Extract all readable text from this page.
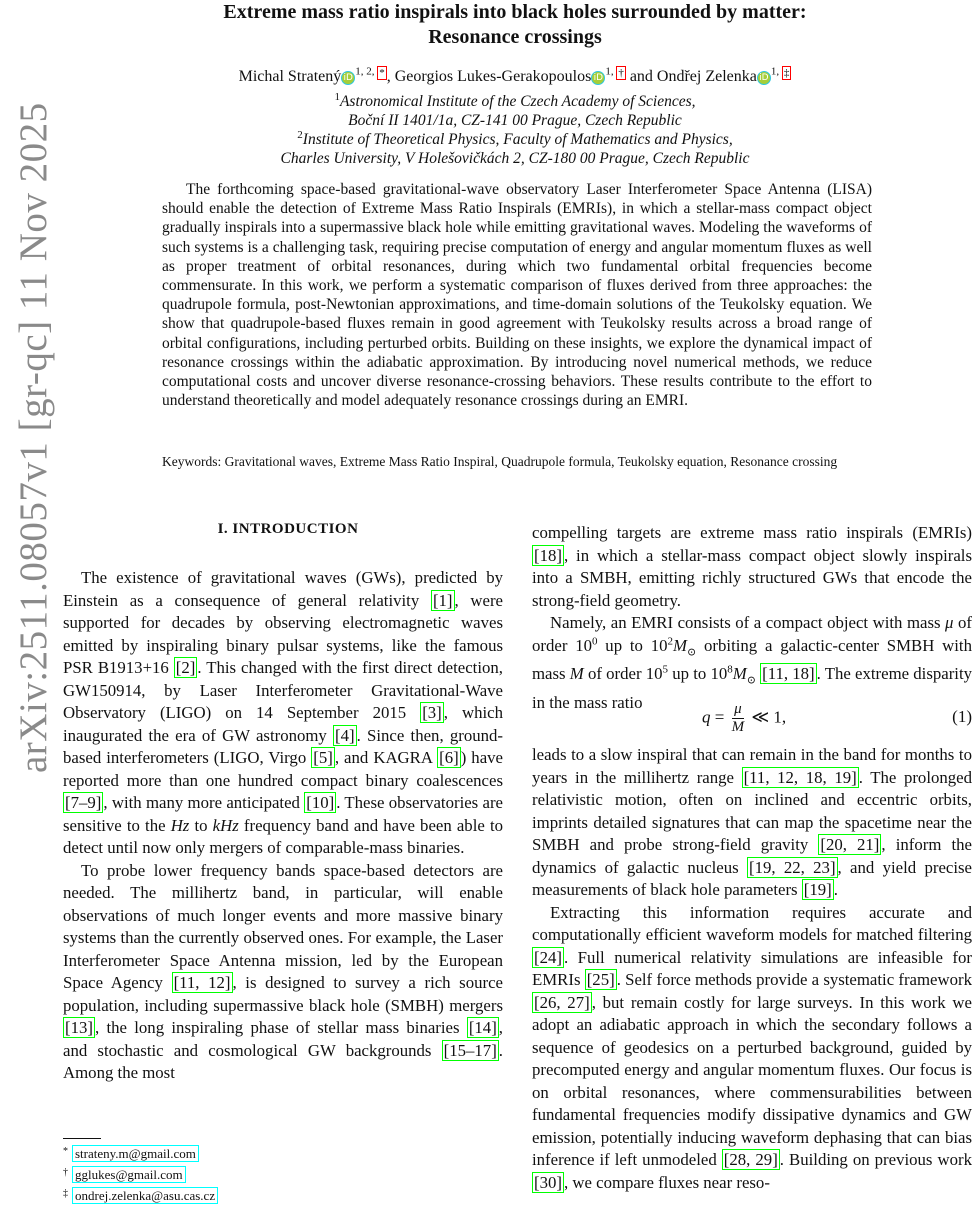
arXiv:2511.08057v1 [gr-qc] 11 Nov 2025
Extreme mass ratio inspirals into black holes surrounded by matter:
Resonance crossings
Michal Stratený $iD^{1, 2,}$ * , Georgios Lukes-Gerakopoulos $iD^{1,}$ † and Ondřej Zelenka $iD^{1,}$ ‡
$^1$Astronomical Institute of the Czech Academy of Sciences,
Boční II 1401/1a, CZ-141 00 Prague, Czech Republic
$^2$Institute of Theoretical Physics, Faculty of Mathematics and Physics,
Charles University, V Holešovičkách 2, CZ-180 00 Prague, Czech Republic
The forthcoming space-based gravitational-wave observatory Laser Interferometer Space Antenna (LISA) should enable the detection of Extreme Mass Ratio Inspirals (EMRIs), in which a stellar-mass compact object gradually inspirals into a supermassive black hole while emitting gravitational waves. Modeling the waveforms of such systems is a challenging task, requiring precise computation of energy and angular momentum fluxes as well as proper treatment of orbital resonances, during which two fundamental orbital frequencies become commensurate. In this work, we perform a systematic comparison of fluxes derived from three approaches: the quadrupole formula, post-Newtonian approximations, and time-domain solutions of the Teukolsky equation. We show that quadrupole-based fluxes remain in good agreement with Teukolsky results across a broad range of orbital configurations, including perturbed orbits. Building on these insights, we explore the dynamical impact of resonance crossings within the adiabatic approximation. By introducing novel numerical methods, we reduce computational costs and uncover diverse resonance-crossing behaviors. These results contribute to the effort to understand theoretically and model adequately resonance crossings during an EMRI.
Keywords: Gravitational waves, Extreme Mass Ratio Inspiral, Quadrupole formula, Teukolsky equation, Resonance crossing
I. INTRODUCTION

The existence of gravitational waves (GWs), predicted by Einstein as a consequence of general relativity [1] , were supported for decades by observing electromagnetic waves emitted by inspiraling binary pulsar systems, like the famous PSR B1913+16 [2] . This changed with the first direct detection, GW150914, by Laser Interferometer Gravitational-Wave Observatory (LIGO) on 14 September 2015 [3] , which inaugurated the era of GW astronomy [4] . Since then, ground-based interferometers (LIGO, Virgo [5] , and KAGRA [6] ) have reported more than one hundred compact binary coalescences [7–9] , with many more anticipated [10] . These observatories are sensitive to the Hz to kHz frequency band and have been able to detect until now only mergers of comparable-mass binaries.

To probe lower frequency bands space-based detectors are needed. The millihertz band, in particular, will enable observations of much longer events and more massive binary systems than the currently observed ones. For example, the Laser Interferometer Space Antenna mission, led by the European Space Agency [11, 12] , is designed to survey a rich source population, including supermassive black hole (SMBH) mergers [13] , the long inspiraling phase of stellar mass binaries [14] , and stochastic and cosmological GW backgrounds [15–17] . Among the most

compelling targets are extreme mass ratio inspirals (EMRIs) [18] , in which a stellar-mass compact object slowly inspirals into a SMBH, emitting richly structured GWs that encode the strong-field geometry.

Namely, an EMRI consists of a compact object with mass μ of order $10^0$ up to $10^2M_⊙$ orbiting a galactic-center SMBH with mass M of order $10^5$ up to $10^8M_⊙$ [11, 18] . The extreme disparity in the mass ratio

$q = \frac{\mu}{M}$ ≪ 1,	(1)

leads to a slow inspiral that can remain in the band for months to years in the millihertz range [11, 12, 18, 19] . The prolonged relativistic motion, often on inclined and eccentric orbits, imprints detailed signatures that can map the spacetime near the SMBH and probe strong-field gravity [20, 21] , inform the dynamics of galactic nucleus [19, 22, 23] , and yield precise measurements of black hole parameters [19] .

Extracting this information requires accurate and computationally efficient waveform models for matched filtering [24] . Full numerical relativity simulations are infeasible for EMRIs [25] . Self force methods provide a systematic framework [26, 27] , but remain costly for large surveys. In this work we adopt an adiabatic approach in which the secondary follows a sequence of geodesics on a perturbed background, guided by precomputed energy and angular momentum fluxes. Our focus is on orbital resonances, where commensurabilities between fundamental frequencies modify dissipative dynamics and GW emission, potentially inducing waveform dephasing that can bias inference if left unmodeled [28, 29] . Building on previous work [30] , we compare fluxes near reso-

* strateny.m@gmail.com
† gglukes@gmail.com
‡ ondrej.zelenka@asu.cas.cz
